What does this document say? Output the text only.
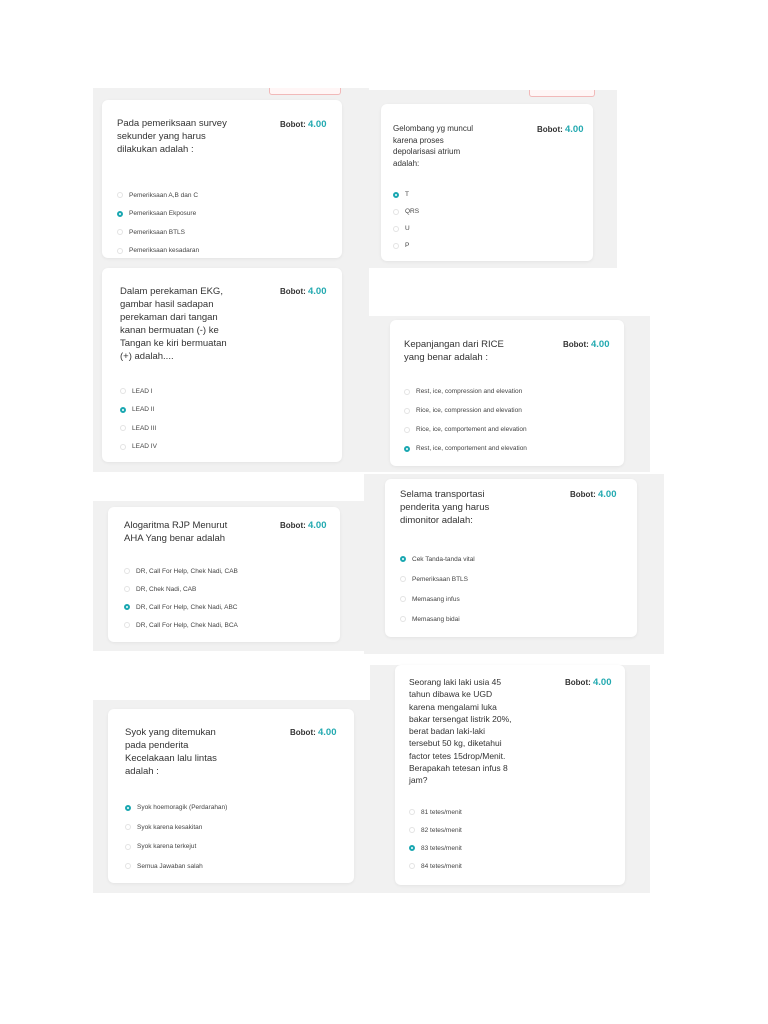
Pada pemeriksaan survey
sekunder yang harus
dilakukan adalah :

Bobot: 4.00
Pemeriksaan A,B dan C
Pemeriksaan Ekposure
Pemeriksaan BTLS
Pemeriksaan kesadaran

Gelombang yg muncul
karena proses
depolarisasi atrium
adalah:

Bobot: 4.00
T
QRS
U
P

Dalam perekaman EKG,
gambar hasil sadapan
perekaman dari tangan
kanan bermuatan (-) ke
Tangan ke kiri bermuatan
(+) adalah....

Bobot: 4.00
LEAD I
LEAD II
LEAD III
LEAD IV

Kepanjangan dari RICE
yang benar adalah :

Bobot: 4.00
Rest, ice, compression and elevation
Rice, ice, compression and elevation
Rice, ice, comportement and elevation
Rest, ice, comportement and elevation

Alogaritma RJP Menurut
AHA Yang benar adalah

Bobot: 4.00
DR, Call For Help, Chek Nadi, CAB
DR, Chek Nadi, CAB
DR, Call For Help, Chek Nadi, ABC
DR, Call For Help, Chek Nadi, BCA

Selama transportasi
penderita yang harus
dimonitor adalah:

Bobot: 4.00
Cek Tanda-tanda vital
Pemeriksaan BTLS
Memasang infus
Memasang bidai

Syok yang ditemukan
pada penderita
Kecelakaan lalu lintas
adalah :

Bobot: 4.00
Syok hoemoragik (Perdarahan)
Syok karena kesakitan
Syok karena terkejut
Semua Jawaban salah

Seorang laki laki usia 45
tahun dibawa ke UGD
karena mengalami luka
bakar tersengat listrik 20%,
berat badan laki-laki
tersebut 50 kg, diketahui
factor tetes 15drop/Menit.
Berapakah tetesan infus 8
jam?

Bobot: 4.00
81 tetes/menit
82 tetes/menit
83 tetes/menit
84 tetes/menit
